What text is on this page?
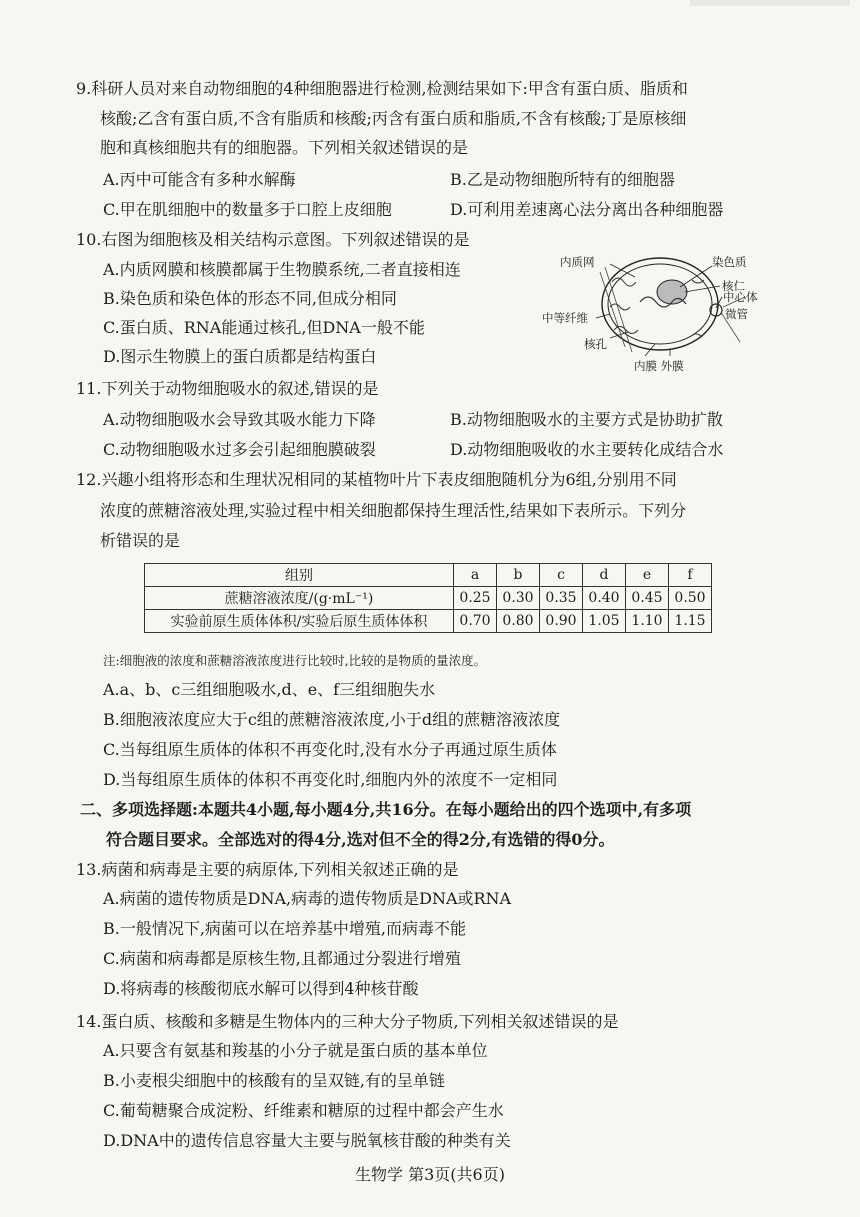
9.科研人员对来自动物细胞的4种细胞器进行检测,检测结果如下:甲含有蛋白质、脂质和
核酸;乙含有蛋白质,不含有脂质和核酸;丙含有蛋白质和脂质,不含有核酸;丁是原核细
胞和真核细胞共有的细胞器。下列相关叙述错误的是
A.丙中可能含有多种水解酶	B.乙是动物细胞所特有的细胞器
C.甲在肌细胞中的数量多于口腔上皮细胞	D.可利用差速离心法分离出各种细胞器
10.右图为细胞核及相关结构示意图。下列叙述错误的是
A.内质网膜和核膜都属于生物膜系统,二者直接相连
B.染色质和染色体的形态不同,但成分相同
C.蛋白质、RNA能通过核孔,但DNA一般不能
D.图示生物膜上的蛋白质都是结构蛋白
内质网	染色质
核仁
中心体
微管
中等纤维
核孔
内膜 外膜
11.下列关于动物细胞吸水的叙述,错误的是
A.动物细胞吸水会导致其吸水能力下降	B.动物细胞吸水的主要方式是协助扩散
C.动物细胞吸水过多会引起细胞膜破裂	D.动物细胞吸收的水主要转化成结合水
12.兴趣小组将形态和生理状况相同的某植物叶片下表皮细胞随机分为6组,分别用不同
浓度的蔗糖溶液处理,实验过程中相关细胞都保持生理活性,结果如下表所示。下列分
析错误的是
组别	a	b	c	d	e	f
蔗糖溶液浓度/(g·mL⁻¹)	0.25	0.30	0.35	0.40	0.45	0.50
实验前原生质体体积/实验后原生质体体积	0.70	0.80	0.90	1.05	1.10	1.15
注:细胞液的浓度和蔗糖溶液浓度进行比较时,比较的是物质的量浓度。
A.a、b、c三组细胞吸水,d、e、f三组细胞失水
B.细胞液浓度应大于c组的蔗糖溶液浓度,小于d组的蔗糖溶液浓度
C.当每组原生质体的体积不再变化时,没有水分子再通过原生质体
D.当每组原生质体的体积不再变化时,细胞内外的浓度不一定相同
二、多项选择题:本题共4小题,每小题4分,共16分。在每小题给出的四个选项中,有多项
符合题目要求。全部选对的得4分,选对但不全的得2分,有选错的得0分。
13.病菌和病毒是主要的病原体,下列相关叙述正确的是
A.病菌的遗传物质是DNA,病毒的遗传物质是DNA或RNA
B.一般情况下,病菌可以在培养基中增殖,而病毒不能
C.病菌和病毒都是原核生物,且都通过分裂进行增殖
D.将病毒的核酸彻底水解可以得到4种核苷酸
14.蛋白质、核酸和多糖是生物体内的三种大分子物质,下列相关叙述错误的是
A.只要含有氨基和羧基的小分子就是蛋白质的基本单位
B.小麦根尖细胞中的核酸有的呈双链,有的呈单链
C.葡萄糖聚合成淀粉、纤维素和糖原的过程中都会产生水
D.DNA中的遗传信息容量大主要与脱氧核苷酸的种类有关
生物学 第3页(共6页)
